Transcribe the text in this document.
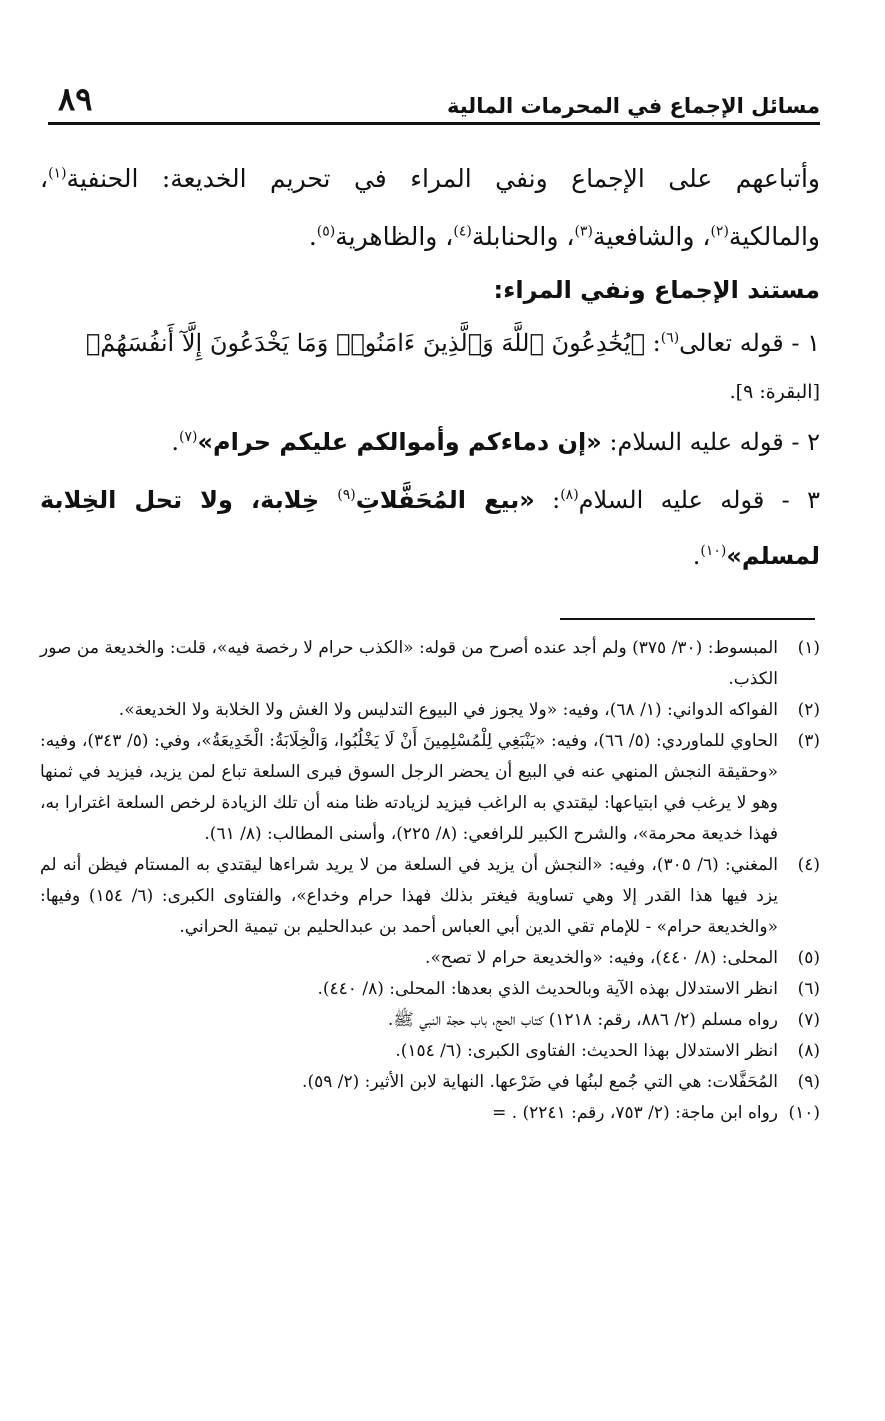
٨٩	مسائل الإجماع في المحرمات المالية

وأتباعهم على الإجماع ونفي المراء في تحريم الخديعة: الحنفية$^{(١)}$، والمالكية$^{(٢)}$، والشافعية$^{(٣)}$، والحنابلة$^{(٤)}$، والظاهرية$^{(٥)}$.

مستند الإجماع ونفي المراء:

١ - قوله تعالى$^{(٦)}$: ﴿يُخَٰدِعُونَ ٱللَّهَ وَٱلَّذِينَ ءَامَنُوا۟ وَمَا يَخْدَعُونَ إِلَّآ أَنفُسَهُمْ﴾

[البقرة: ٩].

٢ - قوله عليه السلام: «إن دماءكم وأموالكم عليكم حرام»$^{(٧)}$.

٣ - قوله عليه السلام$^{(٨)}$: «بيع المُحَفَّلاتِ$^{(٩)}$ خِلابة، ولا تحل الخِلابة لمسلم»$^{(١٠)}$.

(١)
المبسوط: (٣٠/ ٣٧٥) ولم أجد عنده أصرح من قوله: «الكذب حرام لا رخصة فيه»، قلت: والخديعة من صور الكذب.
(٢)
الفواكه الدواني: (١/ ٦٨)، وفيه: «ولا يجوز في البيوع التدليس ولا الغش ولا الخلابة ولا الخديعة».
(٣)
الحاوي للماوردي: (٥/ ٦٦)، وفيه: «يَنْبَغِي لِلْمُسْلِمِينَ أَنْ لَا يَخْلُبُوا، وَالْخِلَابَةُ: الْخَدِيعَةُ»، وفي: (٥/ ٣٤٣)، وفيه: «وحقيقة النجش المنهي عنه في البيع أن يحضر الرجل السوق فيرى السلعة تباع لمن يزيد، فيزيد في ثمنها وهو لا يرغب في ابتياعها: ليقتدي به الراغب فيزيد لزيادته ظنا منه أن تلك الزيادة لرخص السلعة اغترارا به، فهذا خديعة محرمة»، والشرح الكبير للرافعي: (٨/ ٢٢٥)، وأسنى المطالب: (٨/ ٦١).
(٤)
المغني: (٦/ ٣٠٥)، وفيه: «النجش أن يزيد في السلعة من لا يريد شراءها ليقتدي به المستام فيظن أنه لم يزد فيها هذا القدر إلا وهي تساوية فيغتر بذلك فهذا حرام وخداع»، والفتاوى الكبرى: (٦/ ١٥٤) وفيها: «والخديعة حرام» - للإمام تقي الدين أبي العباس أحمد بن عبدالحليم بن تيمية الحراني.
(٥)
المحلى: (٨/ ٤٤٠)، وفيه: «والخديعة حرام لا تصح».
(٦)
انظر الاستدلال بهذه الآية وبالحديث الذي بعدها: المحلى: (٨/ ٤٤٠).
(٧)
رواه مسلم (٢/ ٨٨٦، رقم: ١٢١٨) كتاب الحج، باب حجة النبي ﷺ.
(٨)
انظر الاستدلال بهذا الحديث: الفتاوى الكبرى: (٦/ ١٥٤).
(٩)
المُحَفَّلات: هي التي جُمع لبنُها في ضَرْعها. النهاية لابن الأثير: (٢/ ٥٩).
(١٠)
رواه ابن ماجة: (٢/ ٧٥٣، رقم: ٢٢٤١) . =
